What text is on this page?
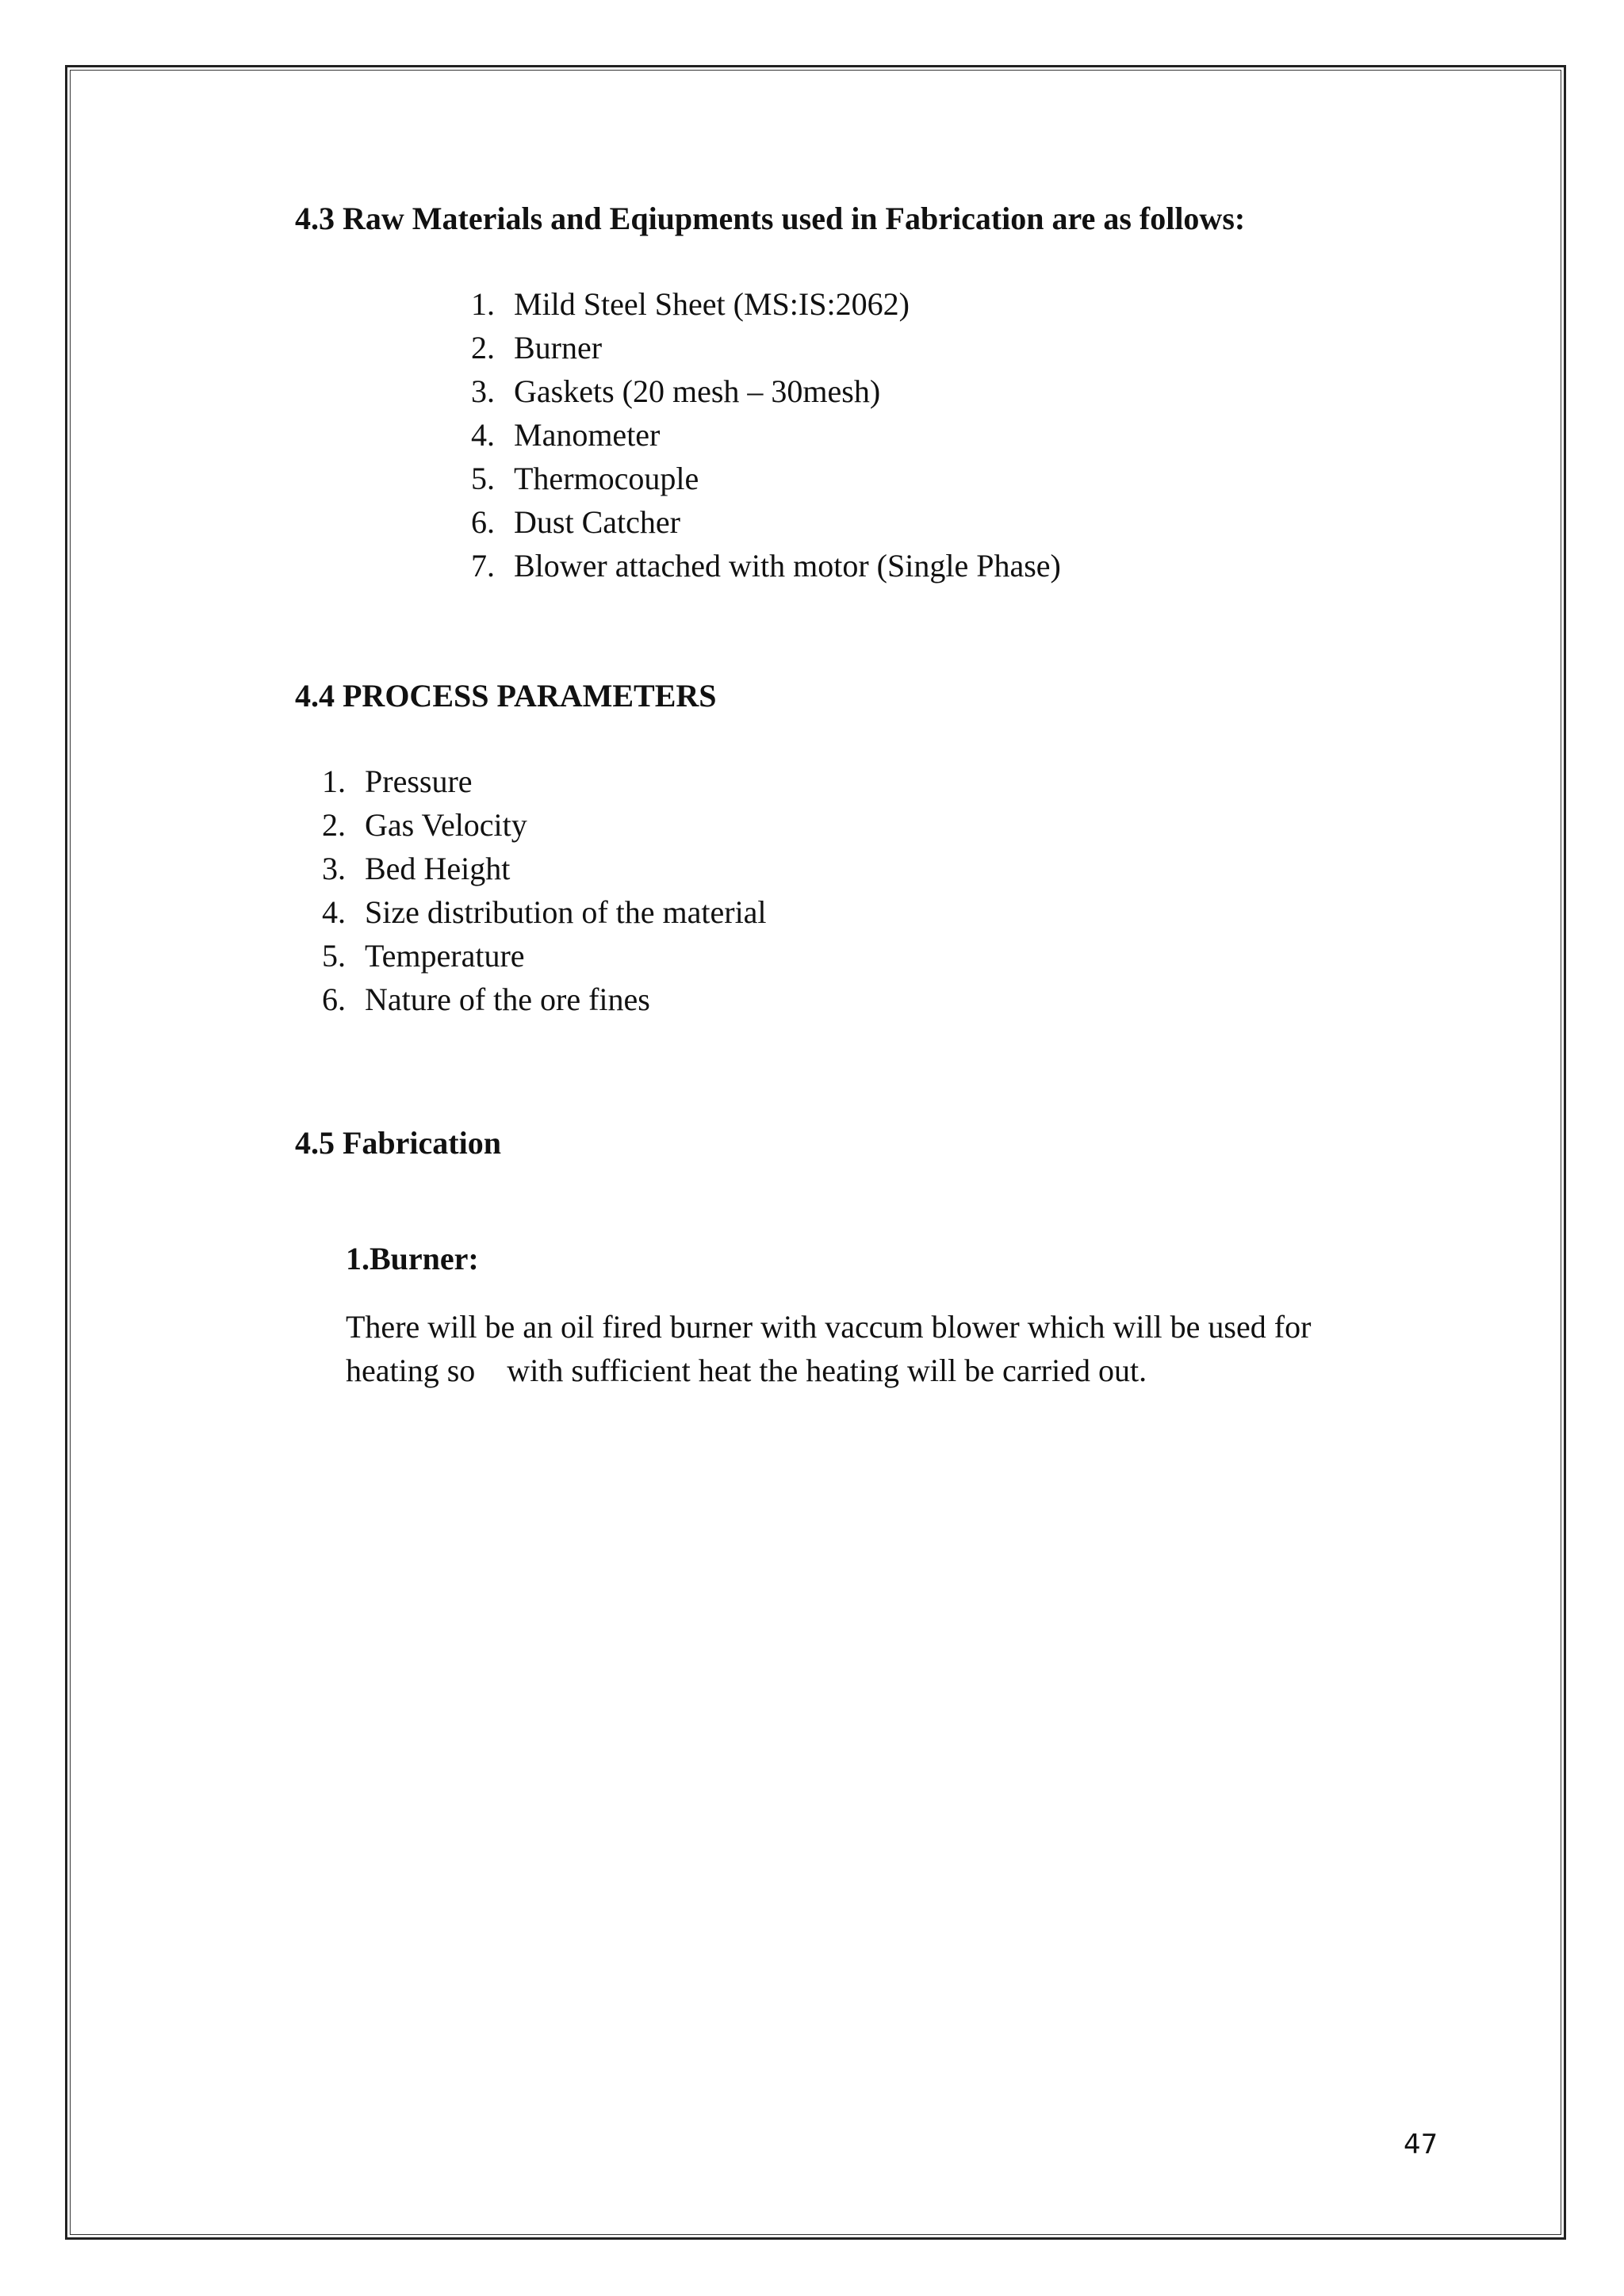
4.3 Raw Materials and Eqiupments used in Fabrication are as follows:
1. Mild Steel Sheet (MS:IS:2062)
2. Burner
3. Gaskets (20 mesh – 30mesh)
4. Manometer
5. Thermocouple
6. Dust Catcher
7. Blower attached with motor (Single Phase)
4.4 PROCESS PARAMETERS
1. Pressure
2. Gas Velocity
3. Bed Height
4. Size distribution of the material
5. Temperature
6. Nature of the ore fines
4.5 Fabrication
1.Burner:
There will be an oil fired burner with vaccum blower which will be used for
heating so    with sufficient heat the heating will be carried out.
47
